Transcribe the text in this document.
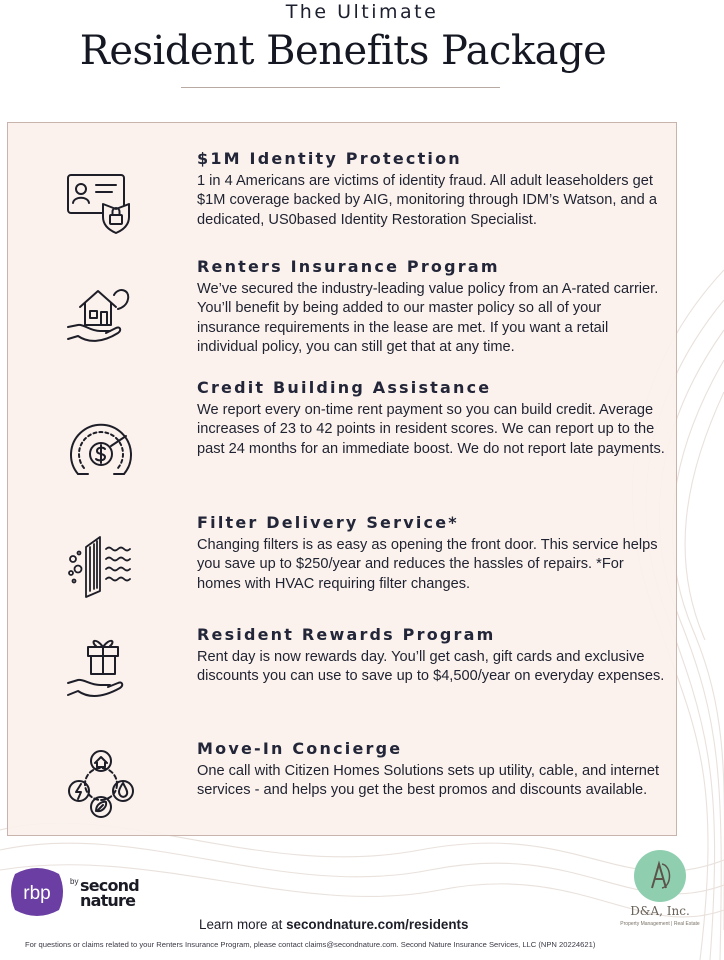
The Ultimate
Resident Benefits Package
$1M Identity Protection
1 in 4 Americans are victims of identity fraud. All adult leaseholders get $1M coverage backed by AIG, monitoring through IDM’s Watson, and a dedicated, US0based Identity Restoration Specialist.
Renters Insurance Program
We’ve secured the industry-leading value policy from an A-rated carrier. You’ll benefit by being added to our master policy so all of your insurance requirements in the lease are met. If you want a retail individual policy, you can still get that at any time.
Credit Building Assistance
We report every on-time rent payment so you can build credit. Average increases of 23 to 42 points in resident scores. We can report up to the past 24 months for an immediate boost. We do not report late payments.
Filter Delivery Service*
Changing filters is as easy as opening the front door. This service helps you save up to $250/year and reduces the hassles of repairs. *For homes with HVAC requiring filter changes.
Resident Rewards Program
Rent day is now rewards day. You’ll get cash, gift cards and exclusive discounts you can use to save up to $4,500/year on everyday expenses.
Move-In Concierge
One call with Citizen Homes Solutions sets up utility, cable, and internet services - and helps you get the best promos and discounts available.
rbp
by second
nature
Learn more at secondnature.com/residents
For questions or claims related to your Renters Insurance Program, please contact claims@secondnature.com. Second Nature Insurance Services, LLC (NPN 20224621)
D&A, Inc.
Property Management | Real Estate
